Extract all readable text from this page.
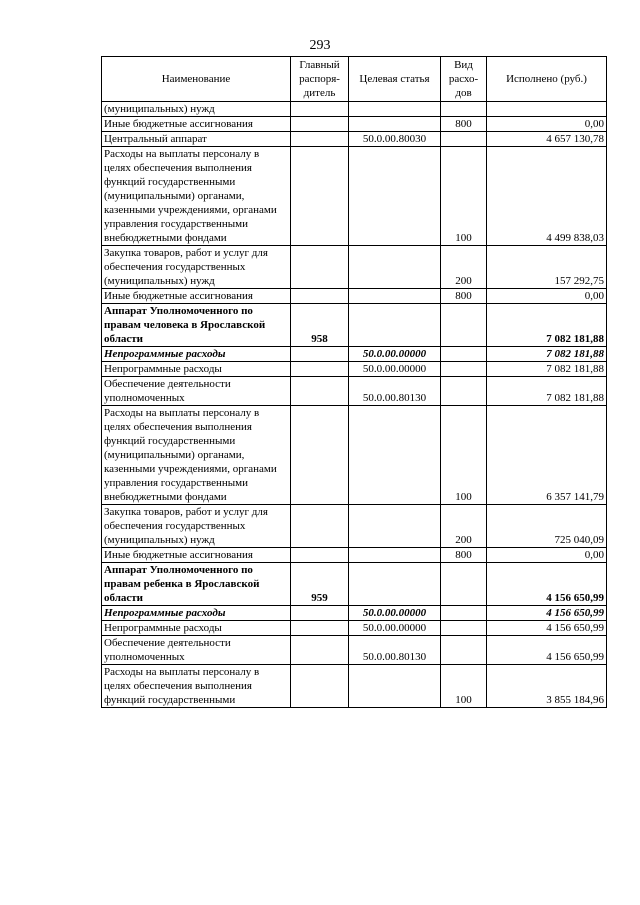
293
Наименование	Главный распоря-дитель	Целевая статья	Вид расхо-дов	Исполнено (руб.)
(муниципальных) нужд				
Иные бюджетные ассигнования			800	0,00
Центральный аппарат		50.0.00.80030		4 657 130,78
Расходы на выплаты персоналу в целях обеспечения выполнения функций государственными (муниципальными) органами, казенными учреждениями, органами управления государственными внебюджетными фондами			100	4 499 838,03
Закупка товаров, работ и услуг для обеспечения государственных (муниципальных) нужд			200	157 292,75
Иные бюджетные ассигнования			800	0,00
Аппарат Уполномоченного по правам человека в Ярославской области	958			7 082 181,88
Непрограммные расходы		50.0.00.00000		7 082 181,88
Непрограммные расходы		50.0.00.00000		7 082 181,88
Обеспечение деятельности уполномоченных		50.0.00.80130		7 082 181,88
Расходы на выплаты персоналу в целях обеспечения выполнения функций государственными (муниципальными) органами, казенными учреждениями, органами управления государственными внебюджетными фондами			100	6 357 141,79
Закупка товаров, работ и услуг для обеспечения государственных (муниципальных) нужд			200	725 040,09
Иные бюджетные ассигнования			800	0,00
Аппарат Уполномоченного по правам ребенка в Ярославской области	959			4 156 650,99
Непрограммные расходы		50.0.00.00000		4 156 650,99
Непрограммные расходы		50.0.00.00000		4 156 650,99
Обеспечение деятельности уполномоченных		50.0.00.80130		4 156 650,99
Расходы на выплаты персоналу в целях обеспечения выполнения функций государственными			100	3 855 184,96
